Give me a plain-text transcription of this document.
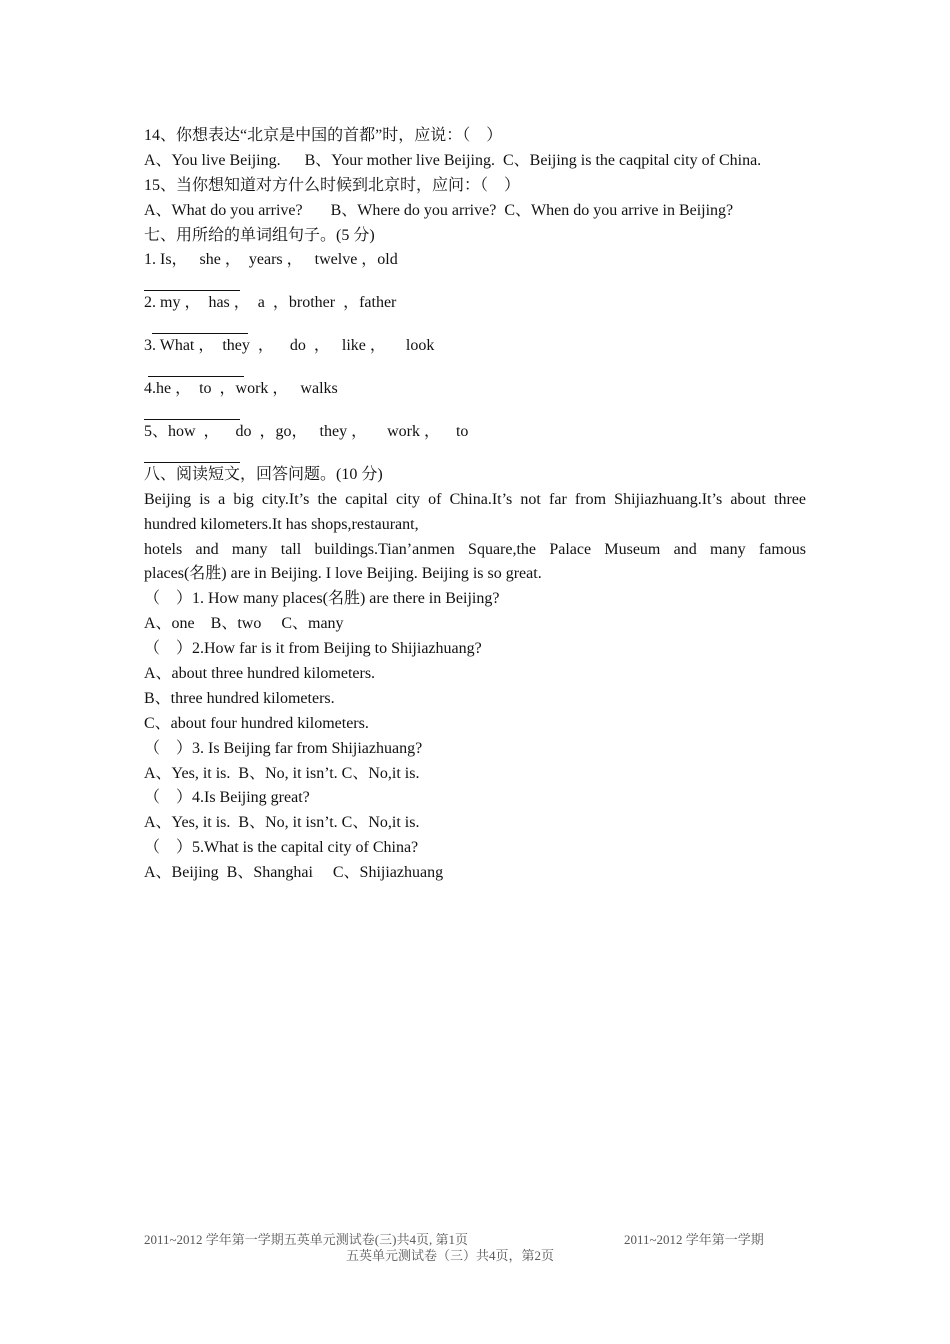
14、你想表达“北京是中国的首都”时，应说：（    ）
A、You live Beijing.      B、Your mother live Beijing.  C、Beijing is the caqpital city of China.
15、当你想知道对方什么时候到北京时，应问：（    ）
A、What do you arrive?       B、Where do you arrive?  C、When do you arrive in Beijing?
七、用所给的单词组句子。(5 分)
1. Is，   she ，  years ，   twelve ，old
2. my ，  has ，  a  ，brother  ，father
3. What ，  they  ，    do  ，   like ，     look
4.he ，  to  ，work ，   walks
5、how  ，    do  ，go，   they ，     work ，    to
八、阅读短文，回答问题。(10 分)
Beijing is a big city.It’s the capital city of China.It’s not far from Shijiazhuang.It’s about three
hundred kilometers.It has shops,restaurant,
hotels and many tall buildings.Tian’anmen Square,the Palace Museum and many famous
places(名胜) are in Beijing. I love Beijing. Beijing is so great.
（    ）1. How many places(名胜) are there in Beijing?
A、one    B、two     C、many
（    ）2.How far is it from Beijing to Shijiazhuang?
A、about three hundred kilometers.
B、three hundred kilometers.
C、about four hundred kilometers.
（    ）3. Is Beijing far from Shijiazhuang?
A、Yes, it is.  B、No, it isn’t. C、No,it is.
（    ）4.Is Beijing great?
A、Yes, it is.  B、No, it isn’t. C、No,it is.
（    ）5.What is the capital city of China?
A、Beijing  B、Shanghai     C、Shijiazhuang
2011~2012 学年第一学期五英单元测试卷(三)共4页, 第1页	2011~2012 学年第一学期
五英单元测试卷（三）共4页，第2页
